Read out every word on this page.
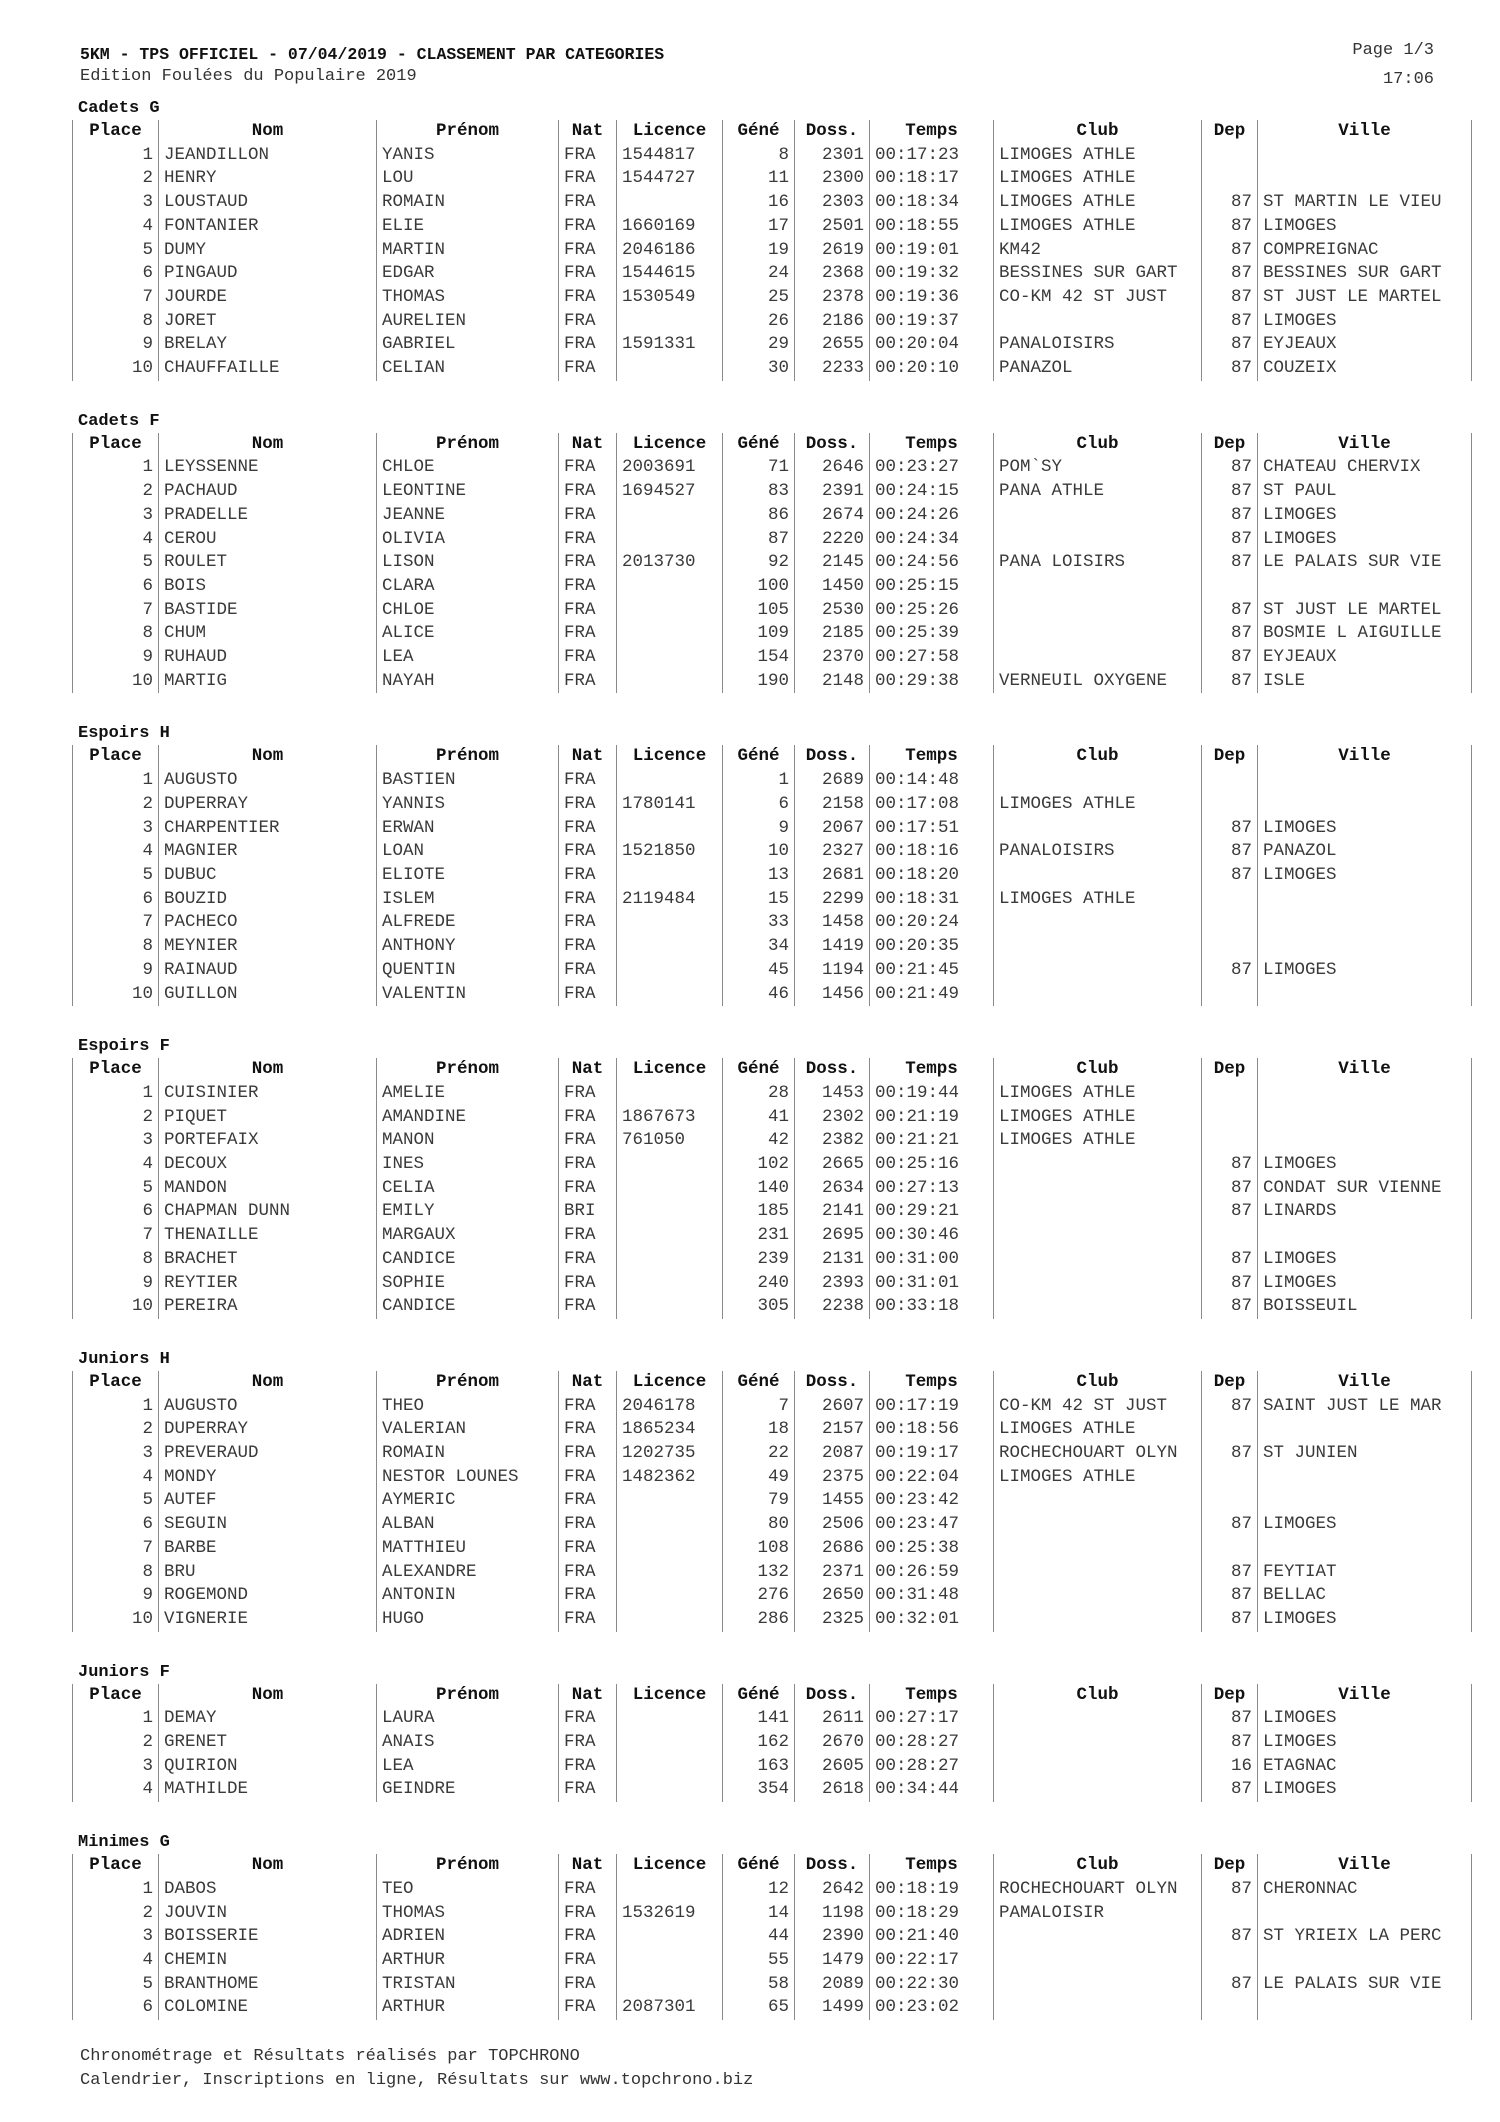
5KM - TPS OFFICIEL - 07/04/2019 - CLASSEMENT PAR CATEGORIES
Edition Foulées du Populaire 2019
Page 1/3
17:06
Cadets G
Place	Nom	Prénom	Nat	Licence	Géné	Doss.	Temps	Club	Dep	Ville
1	JEANDILLON	YANIS	FRA	1544817	8	2301	00:17:23	LIMOGES ATHLE		
2	HENRY	LOU	FRA	1544727	11	2300	00:18:17	LIMOGES ATHLE		
3	LOUSTAUD	ROMAIN	FRA		16	2303	00:18:34	LIMOGES ATHLE	87	ST MARTIN LE VIEU
4	FONTANIER	ELIE	FRA	1660169	17	2501	00:18:55	LIMOGES ATHLE	87	LIMOGES
5	DUMY	MARTIN	FRA	2046186	19	2619	00:19:01	KM42	87	COMPREIGNAC
6	PINGAUD	EDGAR	FRA	1544615	24	2368	00:19:32	BESSINES SUR GART	87	BESSINES SUR GART
7	JOURDE	THOMAS	FRA	1530549	25	2378	00:19:36	CO-KM 42 ST JUST	87	ST JUST LE MARTEL
8	JORET	AURELIEN	FRA		26	2186	00:19:37		87	LIMOGES
9	BRELAY	GABRIEL	FRA	1591331	29	2655	00:20:04	PANALOISIRS	87	EYJEAUX
10	CHAUFFAILLE	CELIAN	FRA		30	2233	00:20:10	PANAZOL	87	COUZEIX
Cadets F
Place	Nom	Prénom	Nat	Licence	Géné	Doss.	Temps	Club	Dep	Ville
1	LEYSSENNE	CHLOE	FRA	2003691	71	2646	00:23:27	POM`SY	87	CHATEAU CHERVIX
2	PACHAUD	LEONTINE	FRA	1694527	83	2391	00:24:15	PANA ATHLE	87	ST PAUL
3	PRADELLE	JEANNE	FRA		86	2674	00:24:26		87	LIMOGES
4	CEROU	OLIVIA	FRA		87	2220	00:24:34		87	LIMOGES
5	ROULET	LISON	FRA	2013730	92	2145	00:24:56	PANA LOISIRS	87	LE PALAIS SUR VIE
6	BOIS	CLARA	FRA		100	1450	00:25:15			
7	BASTIDE	CHLOE	FRA		105	2530	00:25:26		87	ST JUST LE MARTEL
8	CHUM	ALICE	FRA		109	2185	00:25:39		87	BOSMIE L AIGUILLE
9	RUHAUD	LEA	FRA		154	2370	00:27:58		87	EYJEAUX
10	MARTIG	NAYAH	FRA		190	2148	00:29:38	VERNEUIL OXYGENE	87	ISLE
Espoirs H
Place	Nom	Prénom	Nat	Licence	Géné	Doss.	Temps	Club	Dep	Ville
1	AUGUSTO	BASTIEN	FRA		1	2689	00:14:48			
2	DUPERRAY	YANNIS	FRA	1780141	6	2158	00:17:08	LIMOGES ATHLE		
3	CHARPENTIER	ERWAN	FRA		9	2067	00:17:51		87	LIMOGES
4	MAGNIER	LOAN	FRA	1521850	10	2327	00:18:16	PANALOISIRS	87	PANAZOL
5	DUBUC	ELIOTE	FRA		13	2681	00:18:20		87	LIMOGES
6	BOUZID	ISLEM	FRA	2119484	15	2299	00:18:31	LIMOGES ATHLE		
7	PACHECO	ALFREDE	FRA		33	1458	00:20:24			
8	MEYNIER	ANTHONY	FRA		34	1419	00:20:35			
9	RAINAUD	QUENTIN	FRA		45	1194	00:21:45		87	LIMOGES
10	GUILLON	VALENTIN	FRA		46	1456	00:21:49			
Espoirs F
Place	Nom	Prénom	Nat	Licence	Géné	Doss.	Temps	Club	Dep	Ville
1	CUISINIER	AMELIE	FRA		28	1453	00:19:44	LIMOGES ATHLE		
2	PIQUET	AMANDINE	FRA	1867673	41	2302	00:21:19	LIMOGES ATHLE		
3	PORTEFAIX	MANON	FRA	761050	42	2382	00:21:21	LIMOGES ATHLE		
4	DECOUX	INES	FRA		102	2665	00:25:16		87	LIMOGES
5	MANDON	CELIA	FRA		140	2634	00:27:13		87	CONDAT SUR VIENNE
6	CHAPMAN DUNN	EMILY	BRI		185	2141	00:29:21		87	LINARDS
7	THENAILLE	MARGAUX	FRA		231	2695	00:30:46			
8	BRACHET	CANDICE	FRA		239	2131	00:31:00		87	LIMOGES
9	REYTIER	SOPHIE	FRA		240	2393	00:31:01		87	LIMOGES
10	PEREIRA	CANDICE	FRA		305	2238	00:33:18		87	BOISSEUIL
Juniors H
Place	Nom	Prénom	Nat	Licence	Géné	Doss.	Temps	Club	Dep	Ville
1	AUGUSTO	THEO	FRA	2046178	7	2607	00:17:19	CO-KM 42 ST JUST	87	SAINT JUST LE MAR
2	DUPERRAY	VALERIAN	FRA	1865234	18	2157	00:18:56	LIMOGES ATHLE		
3	PREVERAUD	ROMAIN	FRA	1202735	22	2087	00:19:17	ROCHECHOUART OLYN	87	ST JUNIEN
4	MONDY	NESTOR LOUNES	FRA	1482362	49	2375	00:22:04	LIMOGES ATHLE		
5	AUTEF	AYMERIC	FRA		79	1455	00:23:42			
6	SEGUIN	ALBAN	FRA		80	2506	00:23:47		87	LIMOGES
7	BARBE	MATTHIEU	FRA		108	2686	00:25:38			
8	BRU	ALEXANDRE	FRA		132	2371	00:26:59		87	FEYTIAT
9	ROGEMOND	ANTONIN	FRA		276	2650	00:31:48		87	BELLAC
10	VIGNERIE	HUGO	FRA		286	2325	00:32:01		87	LIMOGES
Juniors F
Place	Nom	Prénom	Nat	Licence	Géné	Doss.	Temps	Club	Dep	Ville
1	DEMAY	LAURA	FRA		141	2611	00:27:17		87	LIMOGES
2	GRENET	ANAIS	FRA		162	2670	00:28:27		87	LIMOGES
3	QUIRION	LEA	FRA		163	2605	00:28:27		16	ETAGNAC
4	MATHILDE	GEINDRE	FRA		354	2618	00:34:44		87	LIMOGES
Minimes G
Place	Nom	Prénom	Nat	Licence	Géné	Doss.	Temps	Club	Dep	Ville
1	DABOS	TEO	FRA		12	2642	00:18:19	ROCHECHOUART OLYN	87	CHERONNAC
2	JOUVIN	THOMAS	FRA	1532619	14	1198	00:18:29	PAMALOISIR		
3	BOISSERIE	ADRIEN	FRA		44	2390	00:21:40		87	ST YRIEIX LA PERC
4	CHEMIN	ARTHUR	FRA		55	1479	00:22:17			
5	BRANTHOME	TRISTAN	FRA		58	2089	00:22:30		87	LE PALAIS SUR VIE
6	COLOMINE	ARTHUR	FRA	2087301	65	1499	00:23:02			
Chronométrage et Résultats réalisés par TOPCHRONO
Calendrier, Inscriptions en ligne, Résultats sur www.topchrono.biz
